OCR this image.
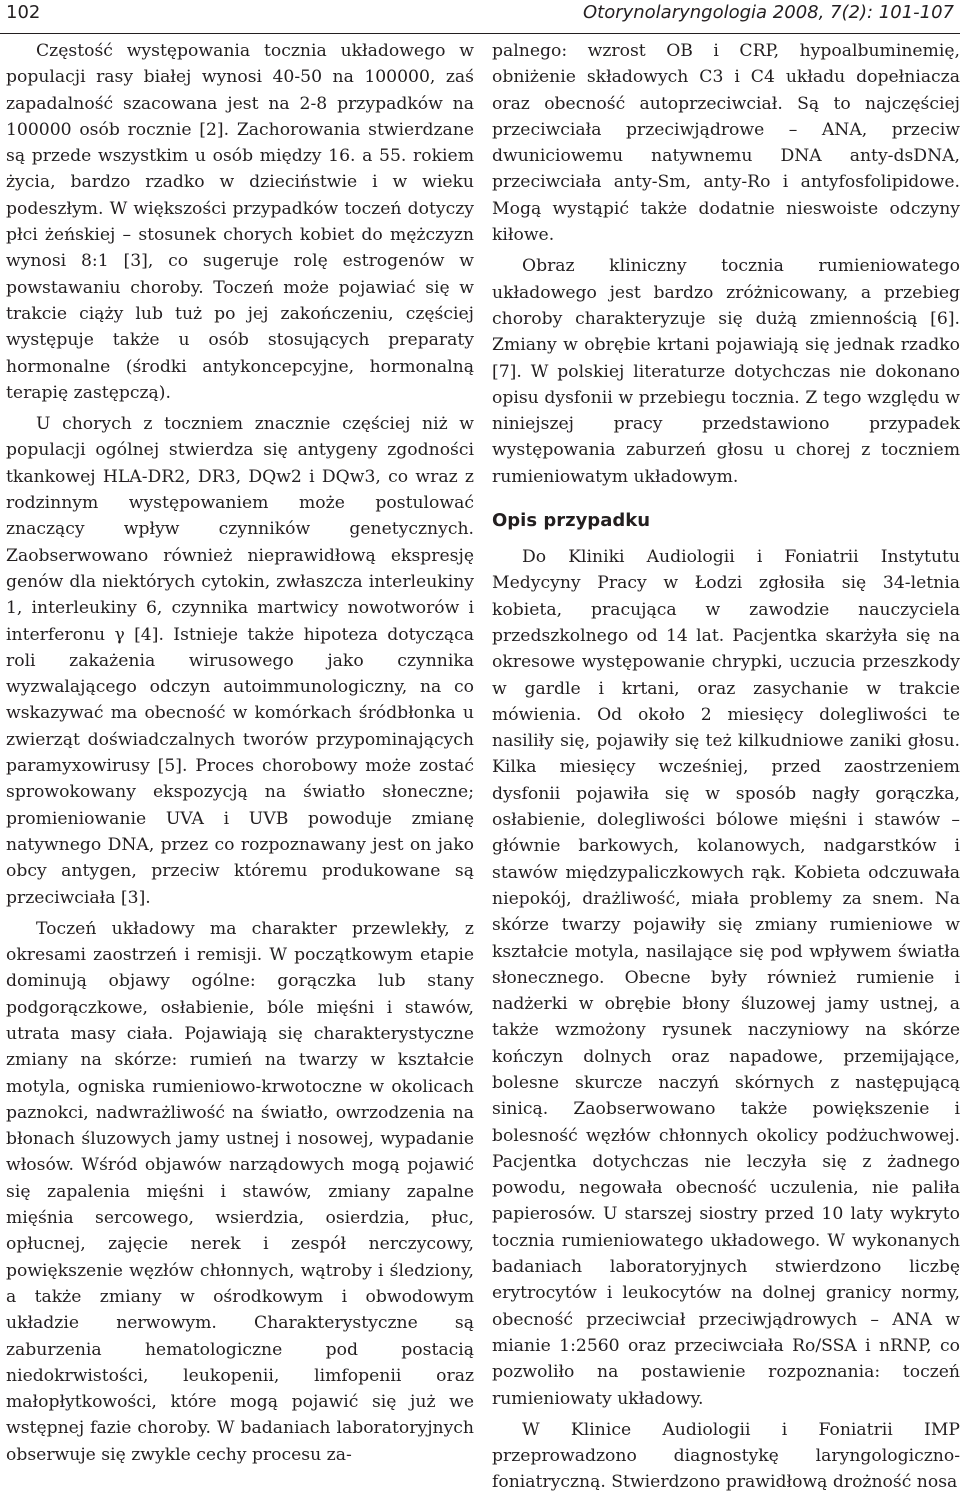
102	Otorynolaryngologia 2008, 7(2): 101-107

Częstość występowania tocznia układowego w populacji rasy białej wynosi 40-50 na 100000, zaś zapadalność szacowana jest na 2-8 przypadków na 100000 osób rocznie [2]. Zachorowania stwierdzane są przede wszystkim u osób między 16. a 55. rokiem życia, bardzo rzadko w dzieciństwie i w wieku podeszłym. W większości przypadków toczeń dotyczy płci żeńskiej – stosunek chorych kobiet do mężczyzn wynosi 8:1 [3], co sugeruje rolę estrogenów w powstawaniu choroby. Toczeń może pojawiać się w trakcie ciąży lub tuż po jej zakończeniu, częściej występuje także u osób stosujących preparaty hormonalne (środki antykoncepcyjne, hormonalną terapię zastępczą).

U chorych z toczniem znacznie częściej niż w populacji ogólnej stwierdza się antygeny zgodności tkankowej HLA-DR2, DR3, DQw2 i DQw3, co wraz z rodzinnym występowaniem może postulować znaczący wpływ czynników genetycznych. Zaobserwowano również nieprawidłową ekspresję genów dla niektórych cytokin, zwłaszcza interleukiny 1, interleukiny 6, czynnika martwicy nowotworów i interferonu γ [4]. Istnieje także hipoteza dotycząca roli zakażenia wirusowego jako czynnika wyzwalającego odczyn autoimmunologiczny, na co wskazywać ma obecność w komórkach śródbłonka u zwierząt doświadczalnych tworów przypominających paramyxowirusy [5]. Proces chorobowy może zostać sprowokowany ekspozycją na światło słoneczne; promieniowanie UVA i UVB powoduje zmianę natywnego DNA, przez co rozpoznawany jest on jako obcy antygen, przeciw któremu produkowane są przeciwciała [3].

Toczeń układowy ma charakter przewlekły, z okresami zaostrzeń i remisji. W początkowym etapie dominują objawy ogólne: gorączka lub stany podgorączkowe, osłabienie, bóle mięśni i stawów, utrata masy ciała. Pojawiają się charakterystyczne zmiany na skórze: rumień na twarzy w kształcie motyla, ogniska rumieniowo-krwotoczne w okolicach paznokci, nadwrażliwość na światło, owrzodzenia na błonach śluzowych jamy ustnej i nosowej, wypadanie włosów. Wśród objawów narządowych mogą pojawić się zapalenia mięśni i stawów, zmiany zapalne mięśnia sercowego, wsierdzia, osierdzia, płuc, opłucnej, zajęcie nerek i zespół nerczycowy, powiększenie węzłów chłonnych, wątroby i śledziony, a także zmiany w ośrodkowym i obwodowym układzie nerwowym. Charakterystyczne są zaburzenia hematologiczne pod postacią niedokrwistości, leukopenii, limfopenii oraz małopłytkowości, które mogą pojawić się już we wstępnej fazie choroby. W badaniach laboratoryjnych obserwuje się zwykle cechy procesu za-

palnego: wzrost OB i CRP, hypoalbuminemię, obniżenie składowych C3 i C4 układu dopełniacza oraz obecność autoprzeciwciał. Są to najczęściej przeciwciała przeciwjądrowe – ANA, przeciw dwuniciowemu natywnemu DNA anty-dsDNA, przeciwciała anty-Sm, anty-Ro i antyfosfolipidowe. Mogą wystąpić także dodatnie nieswoiste odczyny kiłowe.

Obraz kliniczny tocznia rumieniowatego układowego jest bardzo zróżnicowany, a przebieg choroby charakteryzuje się dużą zmiennością [6]. Zmiany w obrębie krtani pojawiają się jednak rzadko [7]. W polskiej literaturze dotychczas nie dokonano opisu dysfonii w przebiegu tocznia. Z tego względu w niniejszej pracy przedstawiono przypadek występowania zaburzeń głosu u chorej z toczniem rumieniowatym układowym.

Opis przypadku

Do Kliniki Audiologii i Foniatrii Instytutu Medycyny Pracy w Łodzi zgłosiła się 34-letnia kobieta, pracująca w zawodzie nauczyciela przedszkolnego od 14 lat. Pacjentka skarżyła się na okresowe występowanie chrypki, uczucia przeszkody w gardle i krtani, oraz zasychanie w trakcie mówienia. Od około 2 miesięcy dolegliwości te nasiliły się, pojawiły się też kilkudniowe zaniki głosu. Kilka miesięcy wcześniej, przed zaostrzeniem dysfonii pojawiła się w sposób nagły gorączka, osłabienie, dolegliwości bólowe mięśni i stawów – głównie barkowych, kolanowych, nadgarstków i stawów międzypaliczkowych rąk. Kobieta odczuwała niepokój, drażliwość, miała problemy za snem. Na skórze twarzy pojawiły się zmiany rumieniowe w kształcie motyla, nasilające się pod wpływem światła słonecznego. Obecne były również rumienie i nadżerki w obrębie błony śluzowej jamy ustnej, a także wzmożony rysunek naczyniowy na skórze kończyn dolnych oraz napadowe, przemijające, bolesne skurcze naczyń skórnych z następującą sinicą. Zaobserwowano także powiększenie i bolesność węzłów chłonnych okolicy podżuchwowej. Pacjentka dotychczas nie leczyła się z żadnego powodu, negowała obecność uczulenia, nie paliła papierosów. U starszej siostry przed 10 laty wykryto tocznia rumieniowatego układowego. W wykonanych badaniach laboratoryjnych stwierdzono liczbę erytrocytów i leukocytów na dolnej granicy normy, obecność przeciwciał przeciwjądrowych – ANA w mianie 1:2560 oraz przeciwciała Ro/SSA i nRNP, co pozwoliło na postawienie rozpoznania: toczeń rumieniowaty układowy.

W Klinice Audiologii i Foniatrii IMP przeprowadzono diagnostykę laryngologiczno-foniatryczną. Stwierdzono prawidłową drożność nosa
